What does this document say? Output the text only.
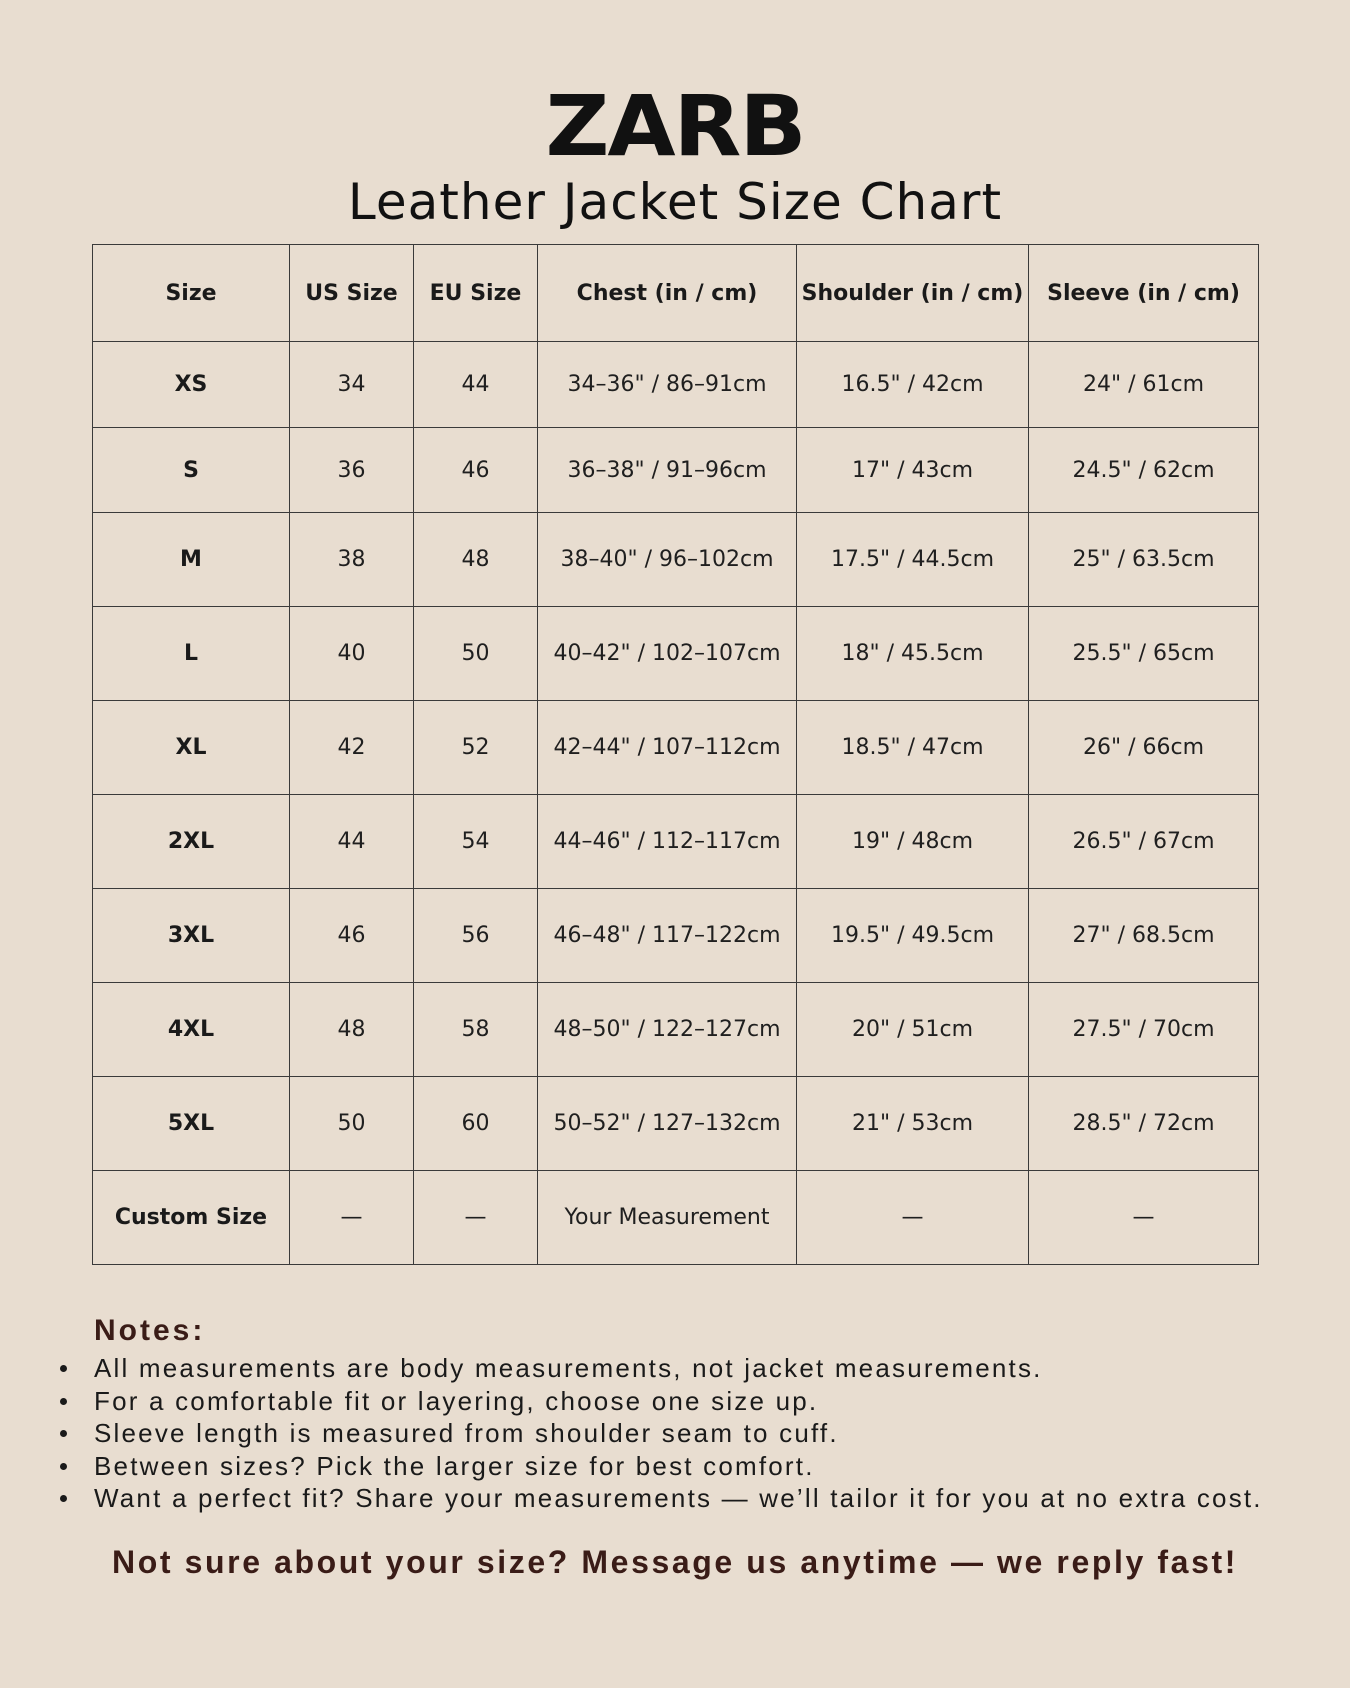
ZARB
Leather Jacket Size Chart
Size	US Size	EU Size	Chest (in / cm)	Shoulder (in / cm)	Sleeve (in / cm)
XS	34	44	34–36" / 86–91cm	16.5" / 42cm	24" / 61cm
S	36	46	36–38" / 91–96cm	17" / 43cm	24.5" / 62cm
M	38	48	38–40" / 96–102cm	17.5" / 44.5cm	25" / 63.5cm
L	40	50	40–42" / 102–107cm	18" / 45.5cm	25.5" / 65cm
XL	42	52	42–44" / 107–112cm	18.5" / 47cm	26" / 66cm
2XL	44	54	44–46" / 112–117cm	19" / 48cm	26.5" / 67cm
3XL	46	56	46–48" / 117–122cm	19.5" / 49.5cm	27" / 68.5cm
4XL	48	58	48–50" / 122–127cm	20" / 51cm	27.5" / 70cm
5XL	50	60	50–52" / 127–132cm	21" / 53cm	28.5" / 72cm
Custom Size	—	—	Your Measurement	—	—
Notes:
All measurements are body measurements, not jacket measurements.
For a comfortable fit or layering, choose one size up.
Sleeve length is measured from shoulder seam to cuff.
Between sizes? Pick the larger size for best comfort.
Want a perfect fit? Share your measurements — we’ll tailor it for you at no extra cost.
Not sure about your size? Message us anytime — we reply fast!
